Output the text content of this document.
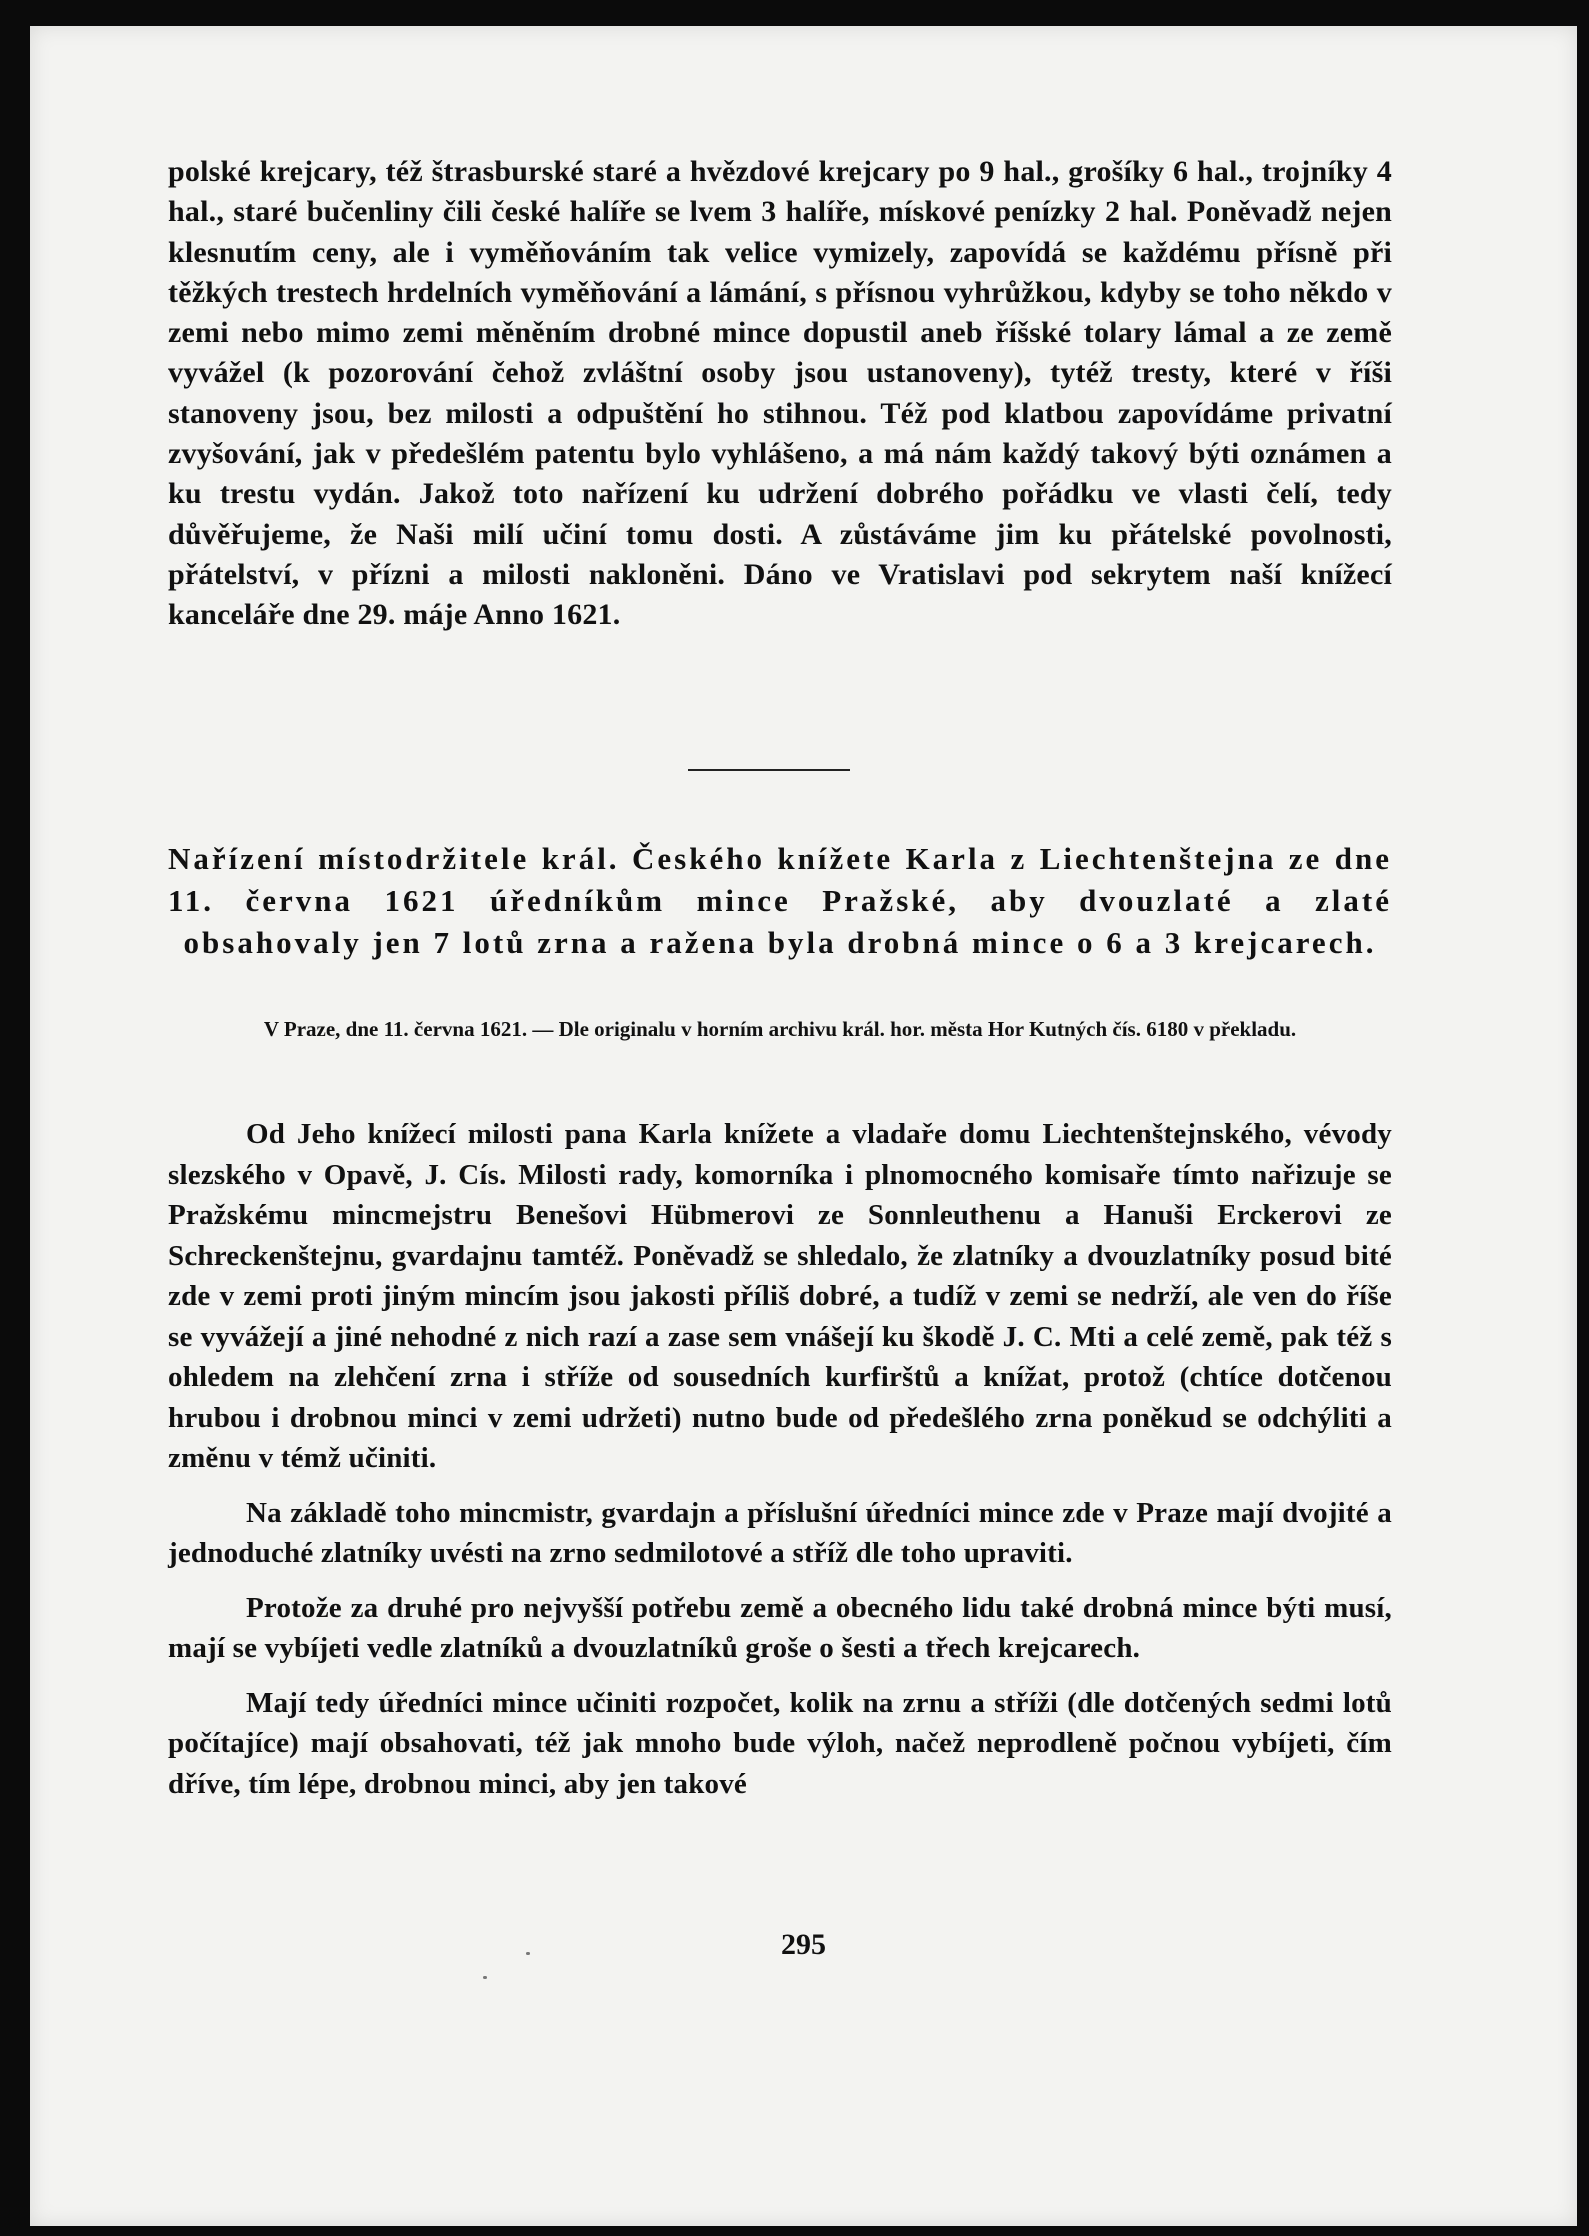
polské krejcary, též štrasburské staré a hvězdové krejcary po 9 hal., grošíky 6 hal., trojníky 4 hal., staré bučenliny čili české halíře se lvem 3 halíře, mískové penízky 2 hal. Poněvadž nejen klesnutím ceny, ale i vyměňováním tak velice vymizely, zapovídá se každému přísně při těžkých trestech hrdelních vyměňování a lámání, s přísnou vyhrůžkou, kdyby se toho někdo v zemi nebo mimo zemi měněním drobné mince dopustil aneb říšské tolary lámal a ze země vyvážel (k pozorování čehož zvláštní osoby jsou ustanoveny), tytéž tresty, které v říši stanoveny jsou, bez milosti a odpuštění ho stihnou. Též pod klatbou zapovídáme privatní zvyšování, jak v předešlém patentu bylo vyhlášeno, a má nám každý takový býti oznámen a ku trestu vydán. Jakož toto nařízení ku udržení dobrého pořádku ve vlasti čelí, tedy důvěřujeme, že Naši milí učiní tomu dosti. A zůstáváme jim ku přátelské povolnosti, přátelství, v přízni a milosti nakloněni. Dáno ve Vratislavi pod sekrytem naší knížecí kanceláře dne 29. máje Anno 1621.

Nařízení místodržitele král. Českého knížete Karla z Liechtenštejna ze dne 11. června 1621 úředníkům mince Pražské, aby dvouzlaté a zlaté obsahovaly jen 7 lotů zrna a ražena byla drobná mince o 6 a 3 krejcarech.
V Praze, dne 11. června 1621. — Dle originalu v horním archivu král. hor. města Hor Kutných čís. 6180 v překladu.

Od Jeho knížecí milosti pana Karla knížete a vladaře domu Liechtenštejnského, vévody slezského v Opavě, J. Cís. Milosti rady, komorníka i plnomocného komisaře tímto nařizuje se Pražskému mincmejstru Benešovi Hübmerovi ze Sonnleuthenu a Hanuši Erckerovi ze Schreckenštejnu, gvardajnu tamtéž. Poněvadž se shledalo, že zlatníky a dvouzlatníky posud bité zde v zemi proti jiným mincím jsou jakosti příliš dobré, a tudíž v zemi se nedrží, ale ven do říše se vyvážejí a jiné nehodné z nich razí a zase sem vnášejí ku škodě J. C. Mti a celé země, pak též s ohledem na zlehčení zrna i stříže od sousedních kurfirštů a knížat, protož (chtíce dotčenou hrubou i drobnou minci v zemi udržeti) nutno bude od předešlého zrna poněkud se odchýliti a změnu v témž učiniti.

Na základě toho mincmistr, gvardajn a příslušní úředníci mince zde v Praze mají dvojité a jednoduché zlatníky uvésti na zrno sedmilotové a stříž dle toho upraviti.

Protože za druhé pro nejvyšší potřebu země a obecného lidu také drobná mince býti musí, mají se vybíjeti vedle zlatníků a dvouzlatníků groše o šesti a třech krejcarech.

Mají tedy úředníci mince učiniti rozpočet, kolik na zrnu a stříži (dle dotčených sedmi lotů počítajíce) mají obsahovati, též jak mnoho bude výloh, načež neprodleně počnou vybíjeti, čím dříve, tím lépe, drobnou minci, aby jen takové

295
